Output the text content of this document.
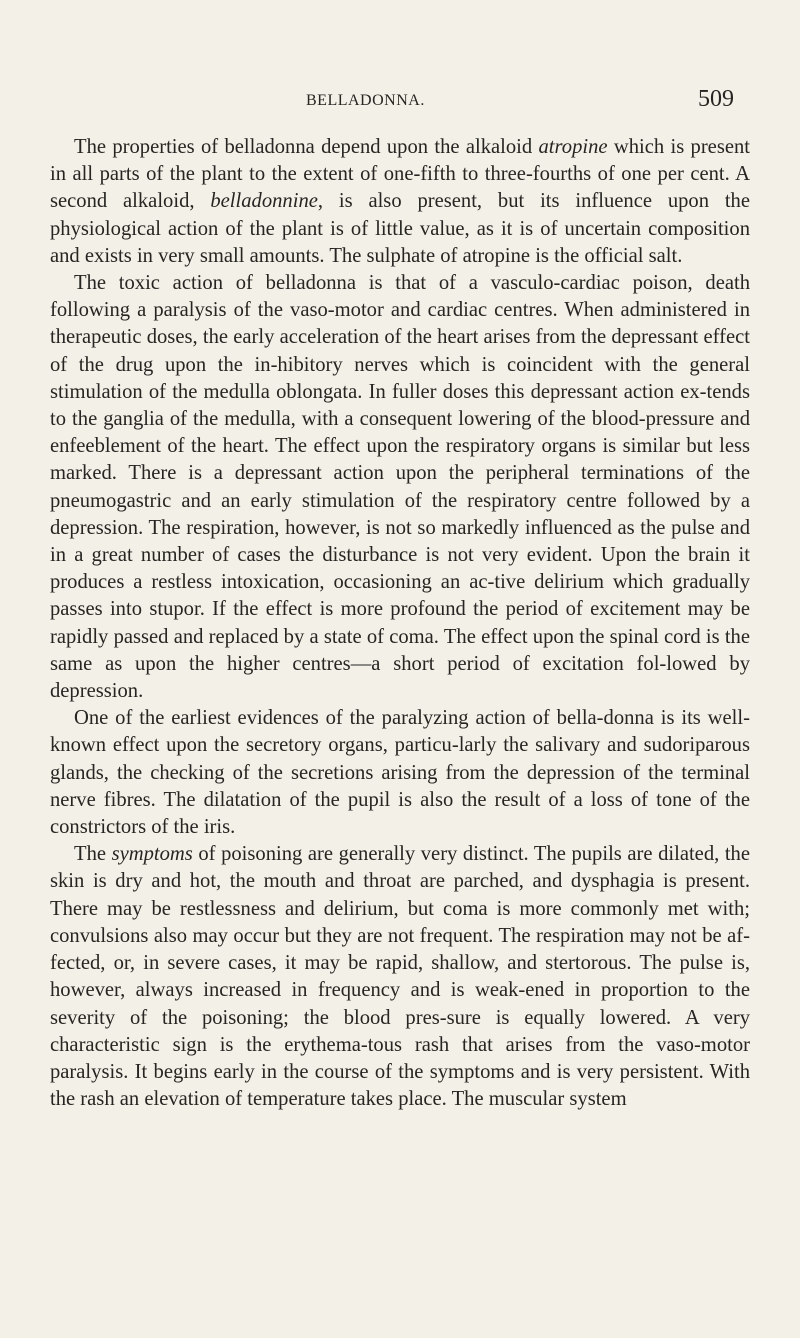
BELLADONNA.	509

The properties of belladonna depend upon the alkaloid atropine which is present in all parts of the plant to the extent of one-fifth to three-fourths of one per cent. A second alkaloid, belladonnine, is also present, but its influence upon the physiological action of the plant is of little value, as it is of uncertain composition and exists in very small amounts. The sulphate of atropine is the official salt.

The toxic action of belladonna is that of a vasculo-cardiac poison, death following a paralysis of the vaso-motor and cardiac centres. When administered in therapeutic doses, the early acceleration of the heart arises from the depressant effect of the drug upon the in-hibitory nerves which is coincident with the general stimulation of the medulla oblongata. In fuller doses this depressant action ex-tends to the ganglia of the medulla, with a consequent lowering of the blood-pressure and enfeeblement of the heart. The effect upon the respiratory organs is similar but less marked. There is a depressant action upon the peripheral terminations of the pneumogastric and an early stimulation of the respiratory centre followed by a depression. The respiration, however, is not so markedly influenced as the pulse and in a great number of cases the disturbance is not very evident. Upon the brain it produces a restless intoxication, occasioning an ac-tive delirium which gradually passes into stupor. If the effect is more profound the period of excitement may be rapidly passed and replaced by a state of coma. The effect upon the spinal cord is the same as upon the higher centres—a short period of excitation fol-lowed by depression.

One of the earliest evidences of the paralyzing action of bella-donna is its well-known effect upon the secretory organs, particu-larly the salivary and sudoriparous glands, the checking of the secretions arising from the depression of the terminal nerve fibres. The dilatation of the pupil is also the result of a loss of tone of the constrictors of the iris.

The symptoms of poisoning are generally very distinct. The pupils are dilated, the skin is dry and hot, the mouth and throat are parched, and dysphagia is present. There may be restlessness and delirium, but coma is more commonly met with; convulsions also may occur but they are not frequent. The respiration may not be af-fected, or, in severe cases, it may be rapid, shallow, and stertorous. The pulse is, however, always increased in frequency and is weak-ened in proportion to the severity of the poisoning; the blood pres-sure is equally lowered. A very characteristic sign is the erythema-tous rash that arises from the vaso-motor paralysis. It begins early in the course of the symptoms and is very persistent. With the rash an elevation of temperature takes place. The muscular system
